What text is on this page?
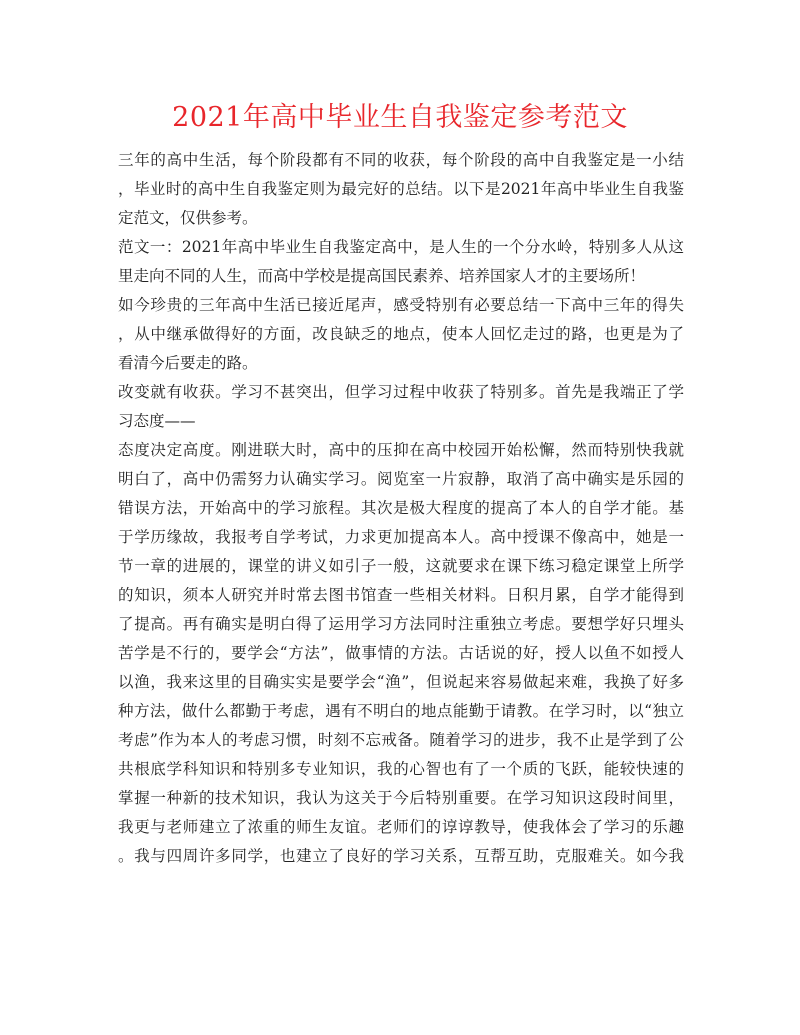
2021年高中毕业生自我鉴定参考范文
三年的高中生活，每个阶段都有不同的收获，每个阶段的高中自我鉴定是一小结
，毕业时的高中生自我鉴定则为最完好的总结。以下是2021年高中毕业生自我鉴
定范文，仅供参考。
范文一：2021年高中毕业生自我鉴定高中，是人生的一个分水岭，特别多人从这
里走向不同的人生，而高中学校是提高国民素养、培养国家人才的主要场所！
如今珍贵的三年高中生活已接近尾声，感受特别有必要总结一下高中三年的得失
，从中继承做得好的方面，改良缺乏的地点，使本人回忆走过的路，也更是为了
看清今后要走的路。
改变就有收获。学习不甚突出，但学习过程中收获了特别多。首先是我端正了学
习态度——
态度决定高度。刚进联大时，高中的压抑在高中校园开始松懈，然而特别快我就
明白了，高中仍需努力认确实学习。阅览室一片寂静，取消了高中确实是乐园的
错误方法，开始高中的学习旅程。其次是极大程度的提高了本人的自学才能。基
于学历缘故，我报考自学考试，力求更加提高本人。高中授课不像高中，她是一
节一章的进展的，课堂的讲义如引子一般，这就要求在课下练习稳定课堂上所学
的知识，须本人研究并时常去图书馆查一些相关材料。日积月累，自学才能得到
了提高。再有确实是明白得了运用学习方法同时注重独立考虑。要想学好只埋头
苦学是不行的，要学会“方法”，做事情的方法。古话说的好，授人以鱼不如授人
以渔，我来这里的目确实实是要学会“渔”，但说起来容易做起来难，我换了好多
种方法，做什么都勤于考虑，遇有不明白的地点能勤于请教。在学习时，以“独立
考虑”作为本人的考虑习惯，时刻不忘戒备。随着学习的进步，我不止是学到了公
共根底学科知识和特别多专业知识，我的心智也有了一个质的飞跃，能较快速的
掌握一种新的技术知识，我认为这关于今后特别重要。在学习知识这段时间里，
我更与老师建立了浓重的师生友谊。老师们的谆谆教导，使我体会了学习的乐趣
。我与四周许多同学，也建立了良好的学习关系，互帮互助，克服难关。如今我
